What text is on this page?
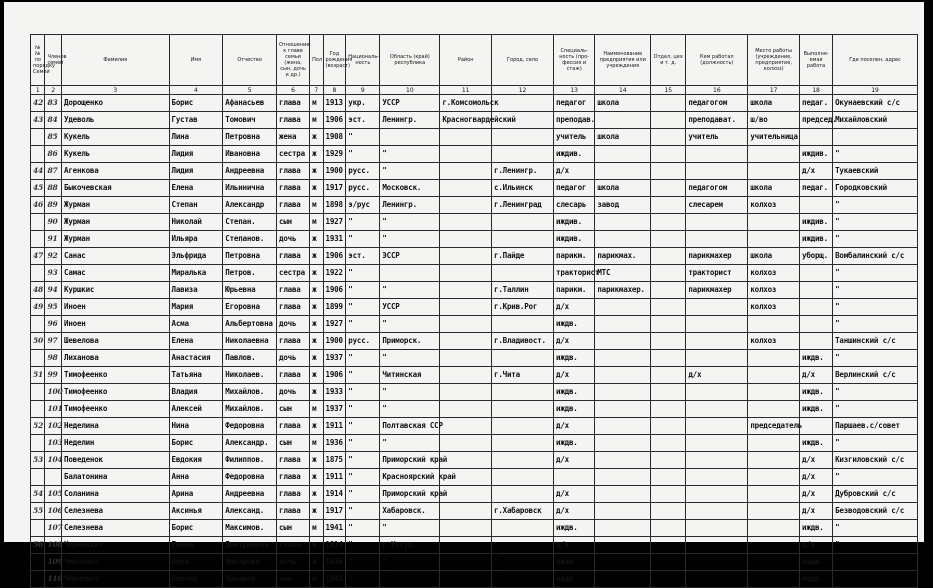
№№ по порядку Семей	Членов семей	Фамилия	Имя	Отчество	Отношение к главе семьи (жена, сын, дочь и др.)	Пол	Год рождения (возраст)	Националь- ность	Область (край) республика	Район	Город, село	Специаль- ность (про- фессия и стаж)	Наименование предприятия или учреждения	Отдел, цех и т. д.	Кем работал (должность)	Место работы (учреждение, предприятие, колхоз)	Выполня- емая работа	Где поселен, адрес
1	2	3	4	5	6	7	8	9	10	11	12	13	14	15	16	17	18	19
42	83	Дорощенко	Борис	Афанасьев	глава	м	1913	укр.	УССР	г.Комсомольск		педагог	школа		педагогом	школа	педаг.	Окунаевский с/с
43	84	Удеволь	Густав	Томович	глава	м	1906	эст.	Ленингр.	Красногвардейский		преподав.			преподават.	ш/во	председ.	Михайловский
	85	Кукель	Лина	Петровна	жена	ж	1908	"				учитель	школа		учитель	учительница		
	86	Кукель	Лидия	Ивановна	сестра	ж	1929	"	"			иждив.					иждив.	"
44	87	Агенкова	Лидия	Андреевна	глава	ж	1900	русс.	"		г.Ленингр.	д/х					д/х	Тукаевский
45	88	Быкочевская	Елена	Ильинична	глава	ж	1917	русс.	Московск.		с.Ильинск	педагог	школа		педагогом	школа	педаг.	Городковский
46	89	Журман	Степан	Александр	глава	м	1898	э/рус	Ленингр.		г.Ленинград	слесарь	завод		слесарем	колхоз		"
	90	Журман	Николай	Степан.	сын	м	1927	"	"			иждив.					иждив.	"
	91	Журман	Ильяра	Степанов.	дочь	ж	1931	"	"			иждив.					иждив.	"
47	92	Санас	Эльфрида	Петровна	глава	ж	1906	эст.	ЭССР		г.Пайде	парикм.	парикмах.		парикмахер	школа	уборщ.	Вомбалинский с/с
	93	Самас	Миралька	Петров.	сестра	ж	1922	"				тракторист	МТС		тракторист	колхоз		"
48	94	Куршкис	Лавиза	Юрьевна	глава	ж	1906	"	"		г.Таллин	парикм.	парикмахер.		парикмахер	колхоз		"
49	95	Иноен	Мария	Егоровна	глава	ж	1899	"	УССР		г.Крив.Рог	д/х				колхоз		"
	96	Иноен	Асма	Альбертовна	дочь	ж	1927	"	"			иждв.						"
50	97	Шевелова	Елена	Николаевна	глава	ж	1900	русс.	Приморск.		г.Владивост.	д/х				колхоз		Таншинский с/с
	98	Лиханова	Анастасия	Павлов.	дочь	ж	1937	"	"			иждв.					иждв.	"
51	99	Тимофеенко	Татьяна	Николаев.	глава	ж	1906	"	Читинская		г.Чита	д/х			д/х		д/х	Верлинский с/с
	100	Тимофеенко	Владия	Михайлов.	дочь	ж	1933	"	"			иждв.					иждв.	"
	101	Тимофеенко	Алексей	Михайлов.	сын	м	1937	"	"			иждв.					иждв.	"
52	102	Неделина	Нина	Федоровна	глава	ж	1911	"	Полтавская ССР			д/х				председатель		Паршаев.с/совет
	103	Неделин	Борис	Александр.	сын	м	1936	"	"			иждв.					иждв.	"
53	104	Поведенок	Евдокия	Филиппов.	глава	ж	1875	"	Приморский край			д/х					д/х	Кизгиловский с/с
		Балатонина	Анна	Федоровна	глава	ж	1911	"	Красноярский край								д/х	"
54	105	Соланина	Арина	Андреевна	глава	ж	1914	"	Приморский край			д/х					д/х	Дубровский с/с
55	106	Селезнева	Аксинья	Александ.	глава	ж	1917	"	Хабаровск.		г.Хабаровск	д/х					д/х	Безводовский с/с
	107	Селезнева	Борис	Максимов.	сын	м	1941	"	"			иждв.					иждв.	"
56	108	Чернецкич	Елена	Дмитриевна	глава	ж	1914	"	г.Уссур.			д/х					д/х	"
	109	Черневич	Вера	Макаровн	дочь	ж	1936	"	"		"	иждв					иждв.	"
	110	Черневич	Леонид	Макаров.	сын	м	1941	"	"		"	иждв					иждв.	"
